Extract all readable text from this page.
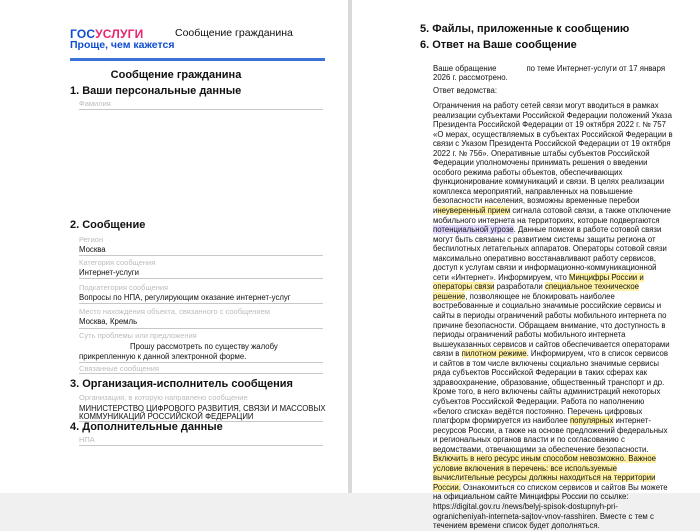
ГОСУСЛУГИ
Проще, чем кажется
Сообщение гражданина
Сообщение гражданина
1. Ваши персональные данные
Фамилия
2. Сообщение
Регион
Москва
Категория сообщения
Интернет-услуги
Подкатегория сообщения
Вопросы по НПА, регулирующим оказание интернет-услуг
Место нахождения объекта, связанного с сообщением
Москва, Кремль
Суть проблемы или предложения
Прошу рассмотреть по существу жалобу
прикрепленную к данной электронной форме.
Связанные сообщения
3. Организация-исполнитель сообщения
Организация, в которую направлено сообщение
МИНИСТЕРСТВО ЦИФРОВОГО РАЗВИТИЯ, СВЯЗИ И МАССОВЫХ
КОММУНИКАЦИЙ РОССИЙСКОЙ ФЕДЕРАЦИИ
4. Дополнительные данные
НПА
5. Файлы, приложенные к сообщению
6. Ответ на Ваше сообщение
Ваше обращение	по теме Интернет-услуги от 17 января
2026 г. рассмотрено.
Ответ ведомства:
Ограничения на работу сетей связи могут вводиться в рамках реализации субъектами Российской Федерации положений Указа Президента Российской Федерации от 19 октября 2022 г. № 757 «О мерах, осуществляемых в субъектах Российской Федерации в связи с Указом Президента Российской Федерации от 19 октября 2022 г. № 756». Оперативные штабы субъектов Российской Федерации уполномочены принимать решения о введении особого режима работы объектов, обеспечивающих функционирование коммуникаций и связи. В целях реализации комплекса мероприятий, направленных на повышение безопасности населения, возможны временные перебои инеуверенный прием сигнала сотовой связи, а также отключение мобильного интернета на территориях, которые подвергаются потенциальной угрозе. Данные помехи в работе сотовой связи могут быть связаны с развитием системы защиты региона от беспилотных летательных аппаратов. Операторы сотовой связи максимально оперативно восстанавливают работу сервисов, доступ к услугам связи и информационно-коммуникационной сети «Интернет». Информируем, что Минцифры России и операторы связи разработали специальное техническое решение, позволяющее не блокировать наиболее востребованные и социально значимые российские сервисы и сайты в периоды ограничений работы мобильного интернета по причине безопасности. Обращаем внимание, что доступность в периоды ограничений работы мобильного интернета вышеуказанных сервисов и сайтов обеспечивается операторами связи в пилотном режиме. Информируем, что в список сервисов и сайтов в том числе включены социально значимые сервисы ряда субъектов Российской Федерации в таких сферах как здравоохранение, образование, общественный транспорт и др. Кроме того, в него включены сайты администраций некоторых субъектов Российской Федерации. Работа по наполнению «белого списка» ведётся постоянно. Перечень цифровых платформ формируется из наиболее популярных интернет-ресурсов России, а также на основе предложений федеральных и региональных органов власти и по согласованию с ведомствами, отвечающими за обеспечение безопасности. Включить в него ресурс иным способом невозможно. Важное условие включения в перечень: все используемые вычислительные ресурсы должны находиться на территории России. Ознакомиться со списком сервисов и сайтов Вы можете на официальном сайте Минцифры России по ссылке: https://digital.gov.ru /news/belyj-spisok-dostupnyh-pri-ogranicheniyah-interneta-sajtov-vnov-rasshiren. Вместе с тем с течением времени список будет дополняться.
